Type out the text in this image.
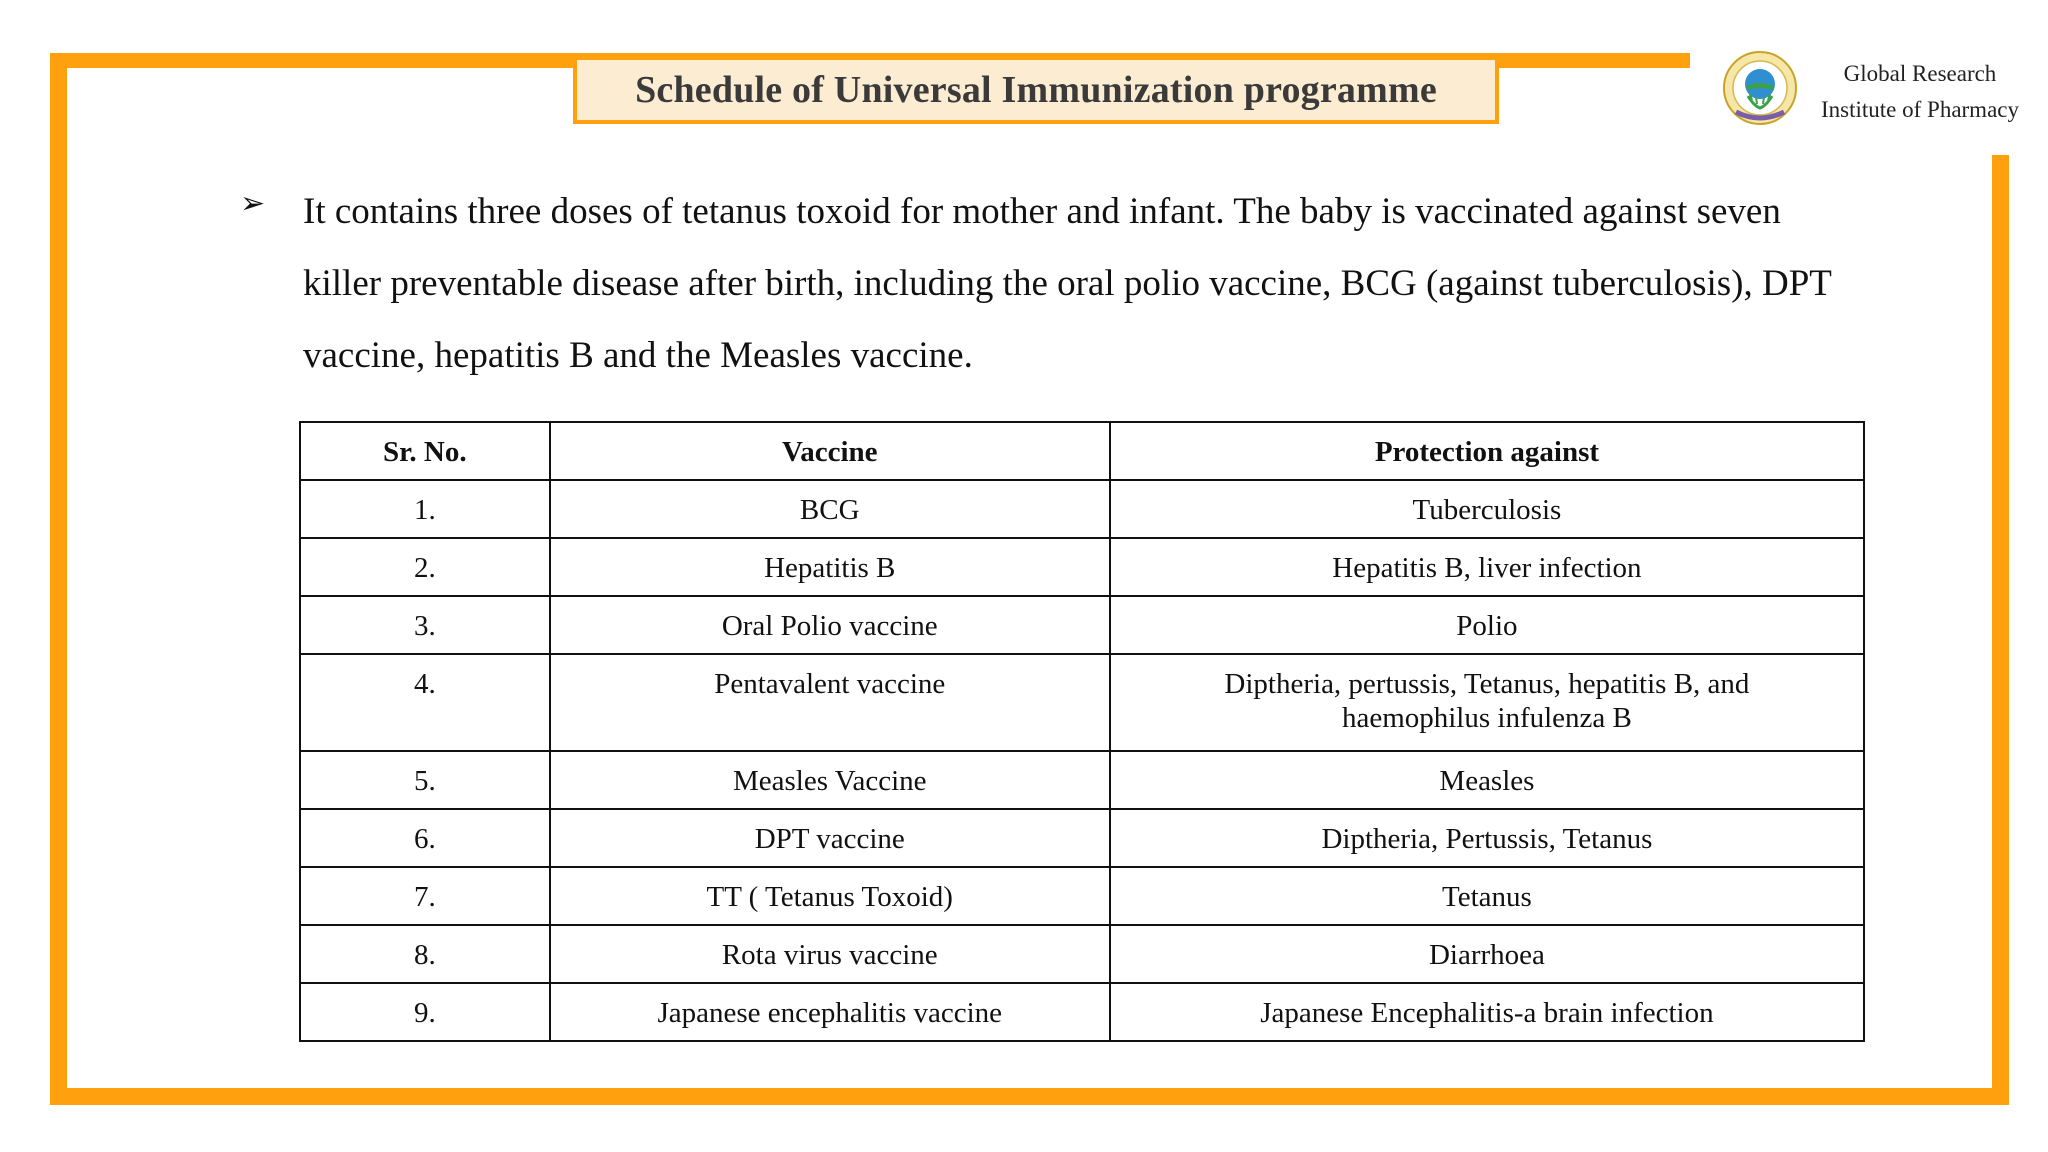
Schedule of Universal Immunization programme	Global Research
Institute of Pharmacy
➢ It contains three doses of tetanus toxoid for mother and infant. The baby is vaccinated against seven killer preventable disease after birth, including the oral polio vaccine, BCG (against tuberculosis), DPT vaccine, hepatitis B and the Measles vaccine.
Sr. No.	Vaccine	Protection against
1.	BCG	Tuberculosis
2.	Hepatitis B	Hepatitis B, liver infection
3.	Oral Polio vaccine	Polio
4.	Pentavalent vaccine	Diptheria, pertussis, Tetanus, hepatitis B, and haemophilus infulenza B
5.	Measles Vaccine	Measles
6.	DPT vaccine	Diptheria, Pertussis, Tetanus
7.	TT ( Tetanus Toxoid)	Tetanus
8.	Rota virus vaccine	Diarrhoea
9.	Japanese encephalitis vaccine	Japanese Encephalitis-a brain infection
